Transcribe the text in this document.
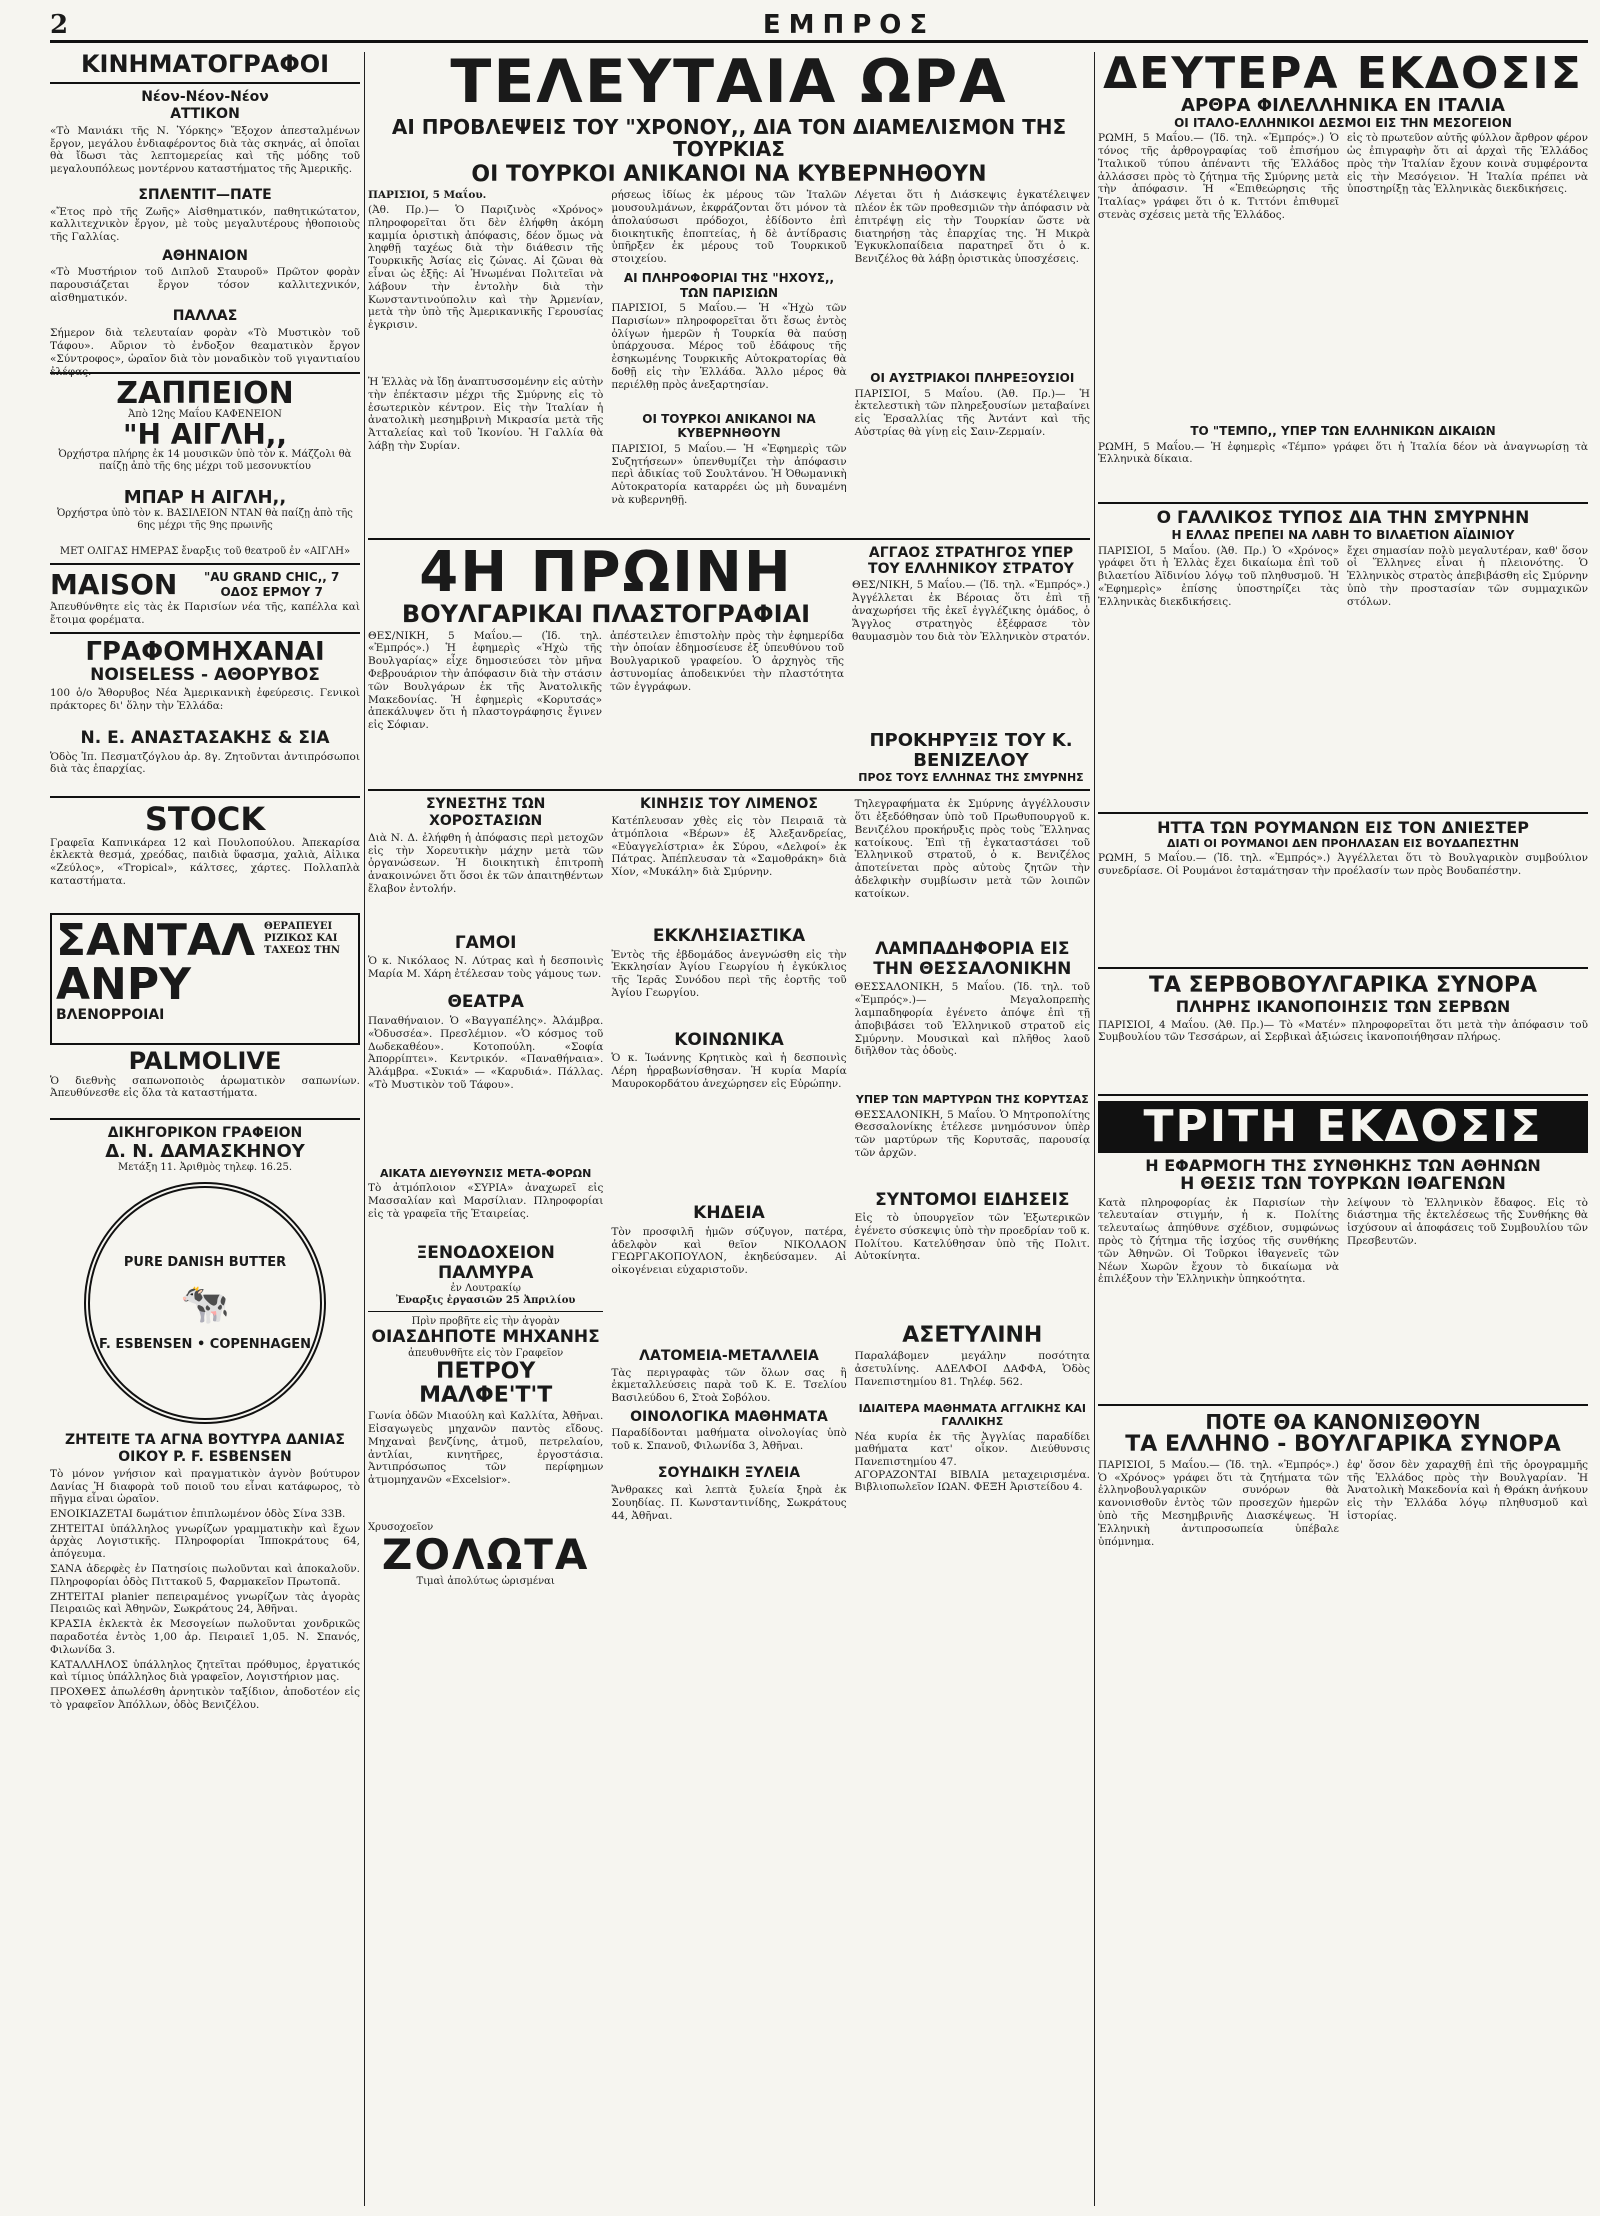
2	ΕΜΠΡΟΣ
ΚΙΝΗΜΑΤΟΓΡΑΦΟΙ
Νέον-Νέον-Νέον
ΑΤΤΙΚΟΝ
«Τὸ Μανιάκι τῆς Ν. Ὑόρκης» Ἔξοχον ἀπεσταλμένων ἔργον, μεγάλου ἐνδιαφέροντος διὰ τὰς σκηνάς, αἱ ὁποῖαι θὰ ἴδωσι τὰς λεπτομερείας καὶ τῆς μόδης τοῦ μεγαλουπόλεως μοντέρνου καταστήματος τῆς Ἀμερικῆς.
ΣΠΛΕΝΤΙΤ—ΠΑΤΕ
«Ἔτος πρὸ τῆς Ζωῆς» Αἰσθηματικόν, παθητικώτατον, καλλιτεχνικὸν ἔργον, μὲ τοὺς μεγαλυτέρους ἠθοποιοὺς τῆς Γαλλίας.
ΑΘΗΝΑΙΟΝ
«Τὸ Μυστήριον τοῦ Διπλοῦ Σταυροῦ» Πρῶτον φορὰν παρουσιάζεται ἔργον τόσον καλλιτεχνικόν, αἰσθηματικόν.
ΠΑΛΛΑΣ
Σήμερον διὰ τελευταίαν φορὰν «Τὸ Μυστικὸν τοῦ Τάφου». Αὔριον τὸ ἐνδοξον θεαματικὸν ἔργον «Σύντροφος», ὡραῖον διὰ τὸν μοναδικὸν τοῦ γιγαντιαίου ἐλέφας.
ΖΑΠΠΕΙΟΝ
Ἀπὸ 12ης Μαΐου ΚΑΦΕΝΕΙΟΝ
"Η ΑΙΓΛΗ,,
Ὀρχήστρα πλήρης ἐκ 14 μουσικῶν ὑπὸ τὸν κ. Μάζζολι θὰ παίζῃ ἀπὸ τῆς 6ης μέχρι τοῦ μεσονυκτίου
ΜΠΑΡ Η ΑΙΓΛΗ,,
Ὀρχήστρα ὑπὸ τὸν κ. ΒΑΣΙΛΕΙΟΝ ΝΤΑΝ θὰ παίζῃ ἀπὸ τῆς 6ης μέχρι τῆς 9ης πρωινῆς
ΜΕΤ ΟΛΙΓΑΣ ΗΜΕΡΑΣ ἔναρξις τοῦ θεατροῦ ἐν «ΑΙΓΛΗ»
MAISON	"AU GRAND CHIC,, 7 ΟΔΟΣ ΕΡΜΟΥ 7
Ἀπευθύνθητε εἰς τὰς ἐκ Παρισίων νέα τῆς, καπέλλα καὶ ἔτοιμα φορέματα.
ΓΡΑΦΟΜΗΧΑΝΑΙ
NOISELESS - ΑΘΟΡΥΒΟΣ
100 ὁ/ο Ἄθορυβος Νέα Ἀμερικανικὴ ἐφεύρεσις. Γενικοὶ πράκτορες δι' ὅλην τὴν Ἑλλάδα:
Ν. Ε. ΑΝΑΣΤΑΣΑΚΗΣ & ΣΙΑ
Ὁδὸς Ἰπ. Πεσματζόγλου ἀρ. 8γ. Ζητοῦνται ἀντιπρόσωποι διὰ τὰς ἐπαρχίας.
STOCK
Γραφεῖα Καπνικάρεα 12 καὶ Πουλοπούλου. Ἀπεκαρίσα ἐκλεκτὰ θεσμά, χρεόδας, παιδιὰ ὕφασμα, χαλιὰ, Αἰλικα «Ζεύλος», «Tropical», κάλτσες, χάρτες. Πολλαπλὰ καταστήματα.
ΣΑΝΤΑΛ ΑΝΡΥ
ΒΛΕΝΟΡΡΟΙΑΙ
ΘΕΡΑΠΕΥΕΙ ΡΙΖΙΚΩΣ ΚΑΙ ΤΑΧΕΩΣ ΤΗΝ
PALMOLIVE
Ὁ διεθνὴς σαπωνοποιὸς ἀρωματικὸν σαπωνίων. Ἀπευθύνεσθε εἰς ὅλα τὰ καταστήματα.
ΔΙΚΗΓΟΡΙΚΟΝ ΓΡΑΦΕΙΟΝ
Δ. Ν. ΔΑΜΑΣΚΗΝΟΥ
Μετάξη 11. Ἀριθμὸς τηλεφ. 16.25.
PURE DANISH BUTTER
🐄
F. ESBENSEN • COPENHAGEN
ΖΗΤΕΙΤΕ ΤΑ ΑΓΝΑ ΒΟΥΤΥΡΑ ΔΑΝΙΑΣ ΟΙΚΟΥ P. F. ESBENSEN
Τὸ μόνον γνήσιον καὶ πραγματικὸν ἀγνὸν βούτυρον Δανίας Ἡ διαφορὰ τοῦ ποιοῦ του εἶναι κατάφωρος, τὸ πῆγμα εἶναι ὡραῖον.
ΕΝΟΙΚΙΑΖΕΤΑΙ δωμάτιον ἐπιπλωμένον ὁδὸς Σίνα 33Β.
ΖΗΤΕΙΤΑΙ ὑπάλληλος γνωρίζων γραμματικὴν καὶ ἔχων ἀρχὰς Λογιστικῆς. Πληροφορίαι Ἱπποκράτους 64, ἀπόγευμα.
ΣΑΝΑ ἀδερφὲς ἐν Πατησίοις πωλοῦνται καὶ ἀποκαλοῦν. Πληροφορίαι ὁδὸς Πιττακοῦ 5, Φαρμακεῖον Πρωτοπᾶ.
ΖΗΤΕΙΤΑΙ planier πεπειραμένος γνωρίζων τὰς ἀγορὰς Πειραιῶς καὶ Ἀθηνῶν, Σωκράτους 24, Ἀθῆναι.
ΚΡΑΣΙΑ ἐκλεκτὰ ἐκ Μεσογείων πωλοῦνται χονδρικῶς παραδοτέα ἐντὸς 1,00 ἀρ. Πειραιεῖ 1,05. Ν. Σπανός, Φιλωνίδα 3.
ΚΑΤΑΛΛΗΛΟΣ ὑπάλληλος ζητεῖται πρόθυμος, ἐργατικός καὶ τίμιος ὑπάλληλος διὰ γραφεῖον, Λογιστήριον μας.
ΠΡΟΧΘΕΣ ἀπωλέσθη ἀρνητικὸν ταξίδιον, ἀποδοτέον εἰς τὸ γραφεῖον Ἀπόλλων, ὁδὸς Βενιζέλου.
ΤΕΛΕΥΤΑΙΑ ΩΡΑ
ΑΙ ΠΡΟΒΛΕΨΕΙΣ ΤΟΥ "ΧΡΟΝΟΥ,, ΔΙΑ ΤΟΝ ΔΙΑΜΕΛΙΣΜΟΝ ΤΗΣ ΤΟΥΡΚΙΑΣ
ΟΙ ΤΟΥΡΚΟΙ ΑΝΙΚΑΝΟΙ ΝΑ ΚΥΒΕΡΝΗΘΟΥΝ
ΠΑΡΙΣΙΟΙ, 5 Μαΐου.
(Ἀθ. Πρ.)— Ὁ Παριζινὸς «Χρόνος» πληροφορεῖται ὅτι δὲν ἐλήφθη ἀκόμη καμμία ὁριστικὴ ἀπόφασις, δέον ὅμως νὰ ληφθῇ ταχέως διὰ τὴν διάθεσιν τῆς Τουρκικῆς Ἀσίας εἰς ζώνας. Αἱ ζῶναι θὰ εἶναι ὡς ἑξῆς: Αἱ Ἡνωμέναι Πολιτεῖαι νὰ λάβουν τὴν ἐντολὴν διὰ τὴν Κωνσταντινούπολιν καὶ τὴν Ἀρμενίαν, μετὰ τὴν ὑπὸ τῆς Ἀμερικανικῆς Γερουσίας ἐγκρισιν.
Ἡ Ἑλλὰς νὰ ἴδῃ ἀναπτυσσομένην εἰς αὐτὴν τὴν ἐπέκτασιν μέχρι τῆς Σμύρνης εἰς τὸ ἐσωτερικὸν κέντρον. Εἰς τὴν Ἰταλίαν ἡ ἀνατολικὴ μεσημβρινὴ Μικρασία μετὰ τῆς Ἀτταλείας καὶ τοῦ Ἰκονίου. Ἡ Γαλλία θὰ λάβῃ τὴν Συρίαν.
ρήσεως ἰδίως ἐκ μέρους τῶν Ἰταλῶν μουσουλμάνων, ἐκφράζονται ὅτι μόνον τὰ ἀπολαύσωσι πρόδοχοι, ἐδίδοντο ἐπὶ διοικητικῆς ἐποπτείας, ἡ δὲ ἀντίδρασις ὑπῆρξεν ἐκ μέρους τοῦ Τουρκικοῦ στοιχείου.
ΑΙ ΠΛΗΡΟΦΟΡΙΑΙ ΤΗΣ "ΗΧΟΥΣ,, ΤΩΝ ΠΑΡΙΣΙΩΝ
ΠΑΡΙΣΙΟΙ, 5 Μαΐου.— Ἡ «Ἠχὼ τῶν Παρισίων» πληροφορεῖται ὅτι ἔσως ἐντὸς ὀλίγων ἡμερῶν ἡ Τουρκία θὰ παύσῃ ὑπάρχουσα. Μέρος τοῦ ἐδάφους τῆς ἐσηκωμένης Τουρκικῆς Αὐτοκρατορίας θὰ δοθῇ εἰς τὴν Ἑλλάδα. Ἄλλο μέρος θὰ περιέλθῃ πρὸς ἀνεξαρτησίαν.
ΟΙ ΤΟΥΡΚΟΙ ΑΝΙΚΑΝΟΙ ΝΑ ΚΥΒΕΡΝΗΘΟΥΝ
ΠΑΡΙΣΙΟΙ, 5 Μαΐου.— Ἡ «Ἐφημερὶς τῶν Συζητήσεων» ὑπενθυμίζει τὴν ἀπόφασιν περὶ ἀδικίας τοῦ Σουλτάνου. Ἡ Ὀθωμανικὴ Αὐτοκρατορία καταρρέει ὡς μὴ δυναμένη νὰ κυβερνηθῇ.
Λέγεται ὅτι ἡ Διάσκεψις ἐγκατέλειψεν πλέον ἐκ τῶν προθεσμιῶν τὴν ἀπόφασιν νὰ ἐπιτρέψῃ εἰς τὴν Τουρκίαν ὥστε νὰ διατηρήσῃ τὰς ἐπαρχίας της. Ἡ Μικρὰ Ἐγκυκλοπαίδεια παρατηρεῖ ὅτι ὁ κ. Βενιζέλος θὰ λάβῃ ὁριστικὰς ὑποσχέσεις.
ΟΙ ΑΥΣΤΡΙΑΚΟΙ ΠΛΗΡΕΞΟΥΣΙΟΙ
ΠΑΡΙΣΙΟΙ, 5 Μαΐου. (Ἀθ. Πρ.)— Ἡ ἐκτελεστικὴ τῶν πληρεξουσίων μεταβαίνει εἰς Ἑρσαλλίας τῆς Ἀντάντ καὶ τῆς Αὐστρίας θὰ γίνῃ εἰς Σαιν-Ζερμαίν.
4Η ΠΡΩΙΝΗ
ΒΟΥΛΓΑΡΙΚΑΙ ΠΛΑΣΤΟΓΡΑΦΙΑΙ
ΘΕΣ/ΝΙΚΗ, 5 Μαΐου.— (Ἰδ. τηλ. «Ἐμπρός».) Ἡ ἐφημερὶς «Ἠχὼ τῆς Βουλγαρίας» εἶχε δημοσιεύσει τὸν μῆνα Φεβρουάριον τὴν ἀπόφασιν διὰ τὴν στάσιν τῶν Βουλγάρων ἐκ τῆς Ἀνατολικῆς Μακεδονίας. Ἡ ἐφημερὶς «Κορυτσάς» ἀπεκάλυψεν ὅτι ἡ πλαστογράφησις ἔγινεν εἰς Σόφιαν.
ἀπέστειλεν ἐπιστολὴν πρὸς τὴν ἐφημερίδα τὴν ὁποίαν ἐδημοσίευσε ἐξ ὑπευθύνου τοῦ Βουλγαρικοῦ γραφείου. Ὁ ἀρχηγὸς τῆς ἀστυνομίας ἀποδεικνύει τὴν πλαστότητα τῶν ἐγγράφων.
ΑΓΓΑΟΣ ΣΤΡΑΤΗΓΟΣ ΥΠΕΡ ΤΟΥ ΕΛΛΗΝΙΚΟΥ ΣΤΡΑΤΟΥ
ΘΕΣ/ΝΙΚΗ, 5 Μαΐου.— (Ἰδ. τηλ. «Ἐμπρός».) Ἀγγέλλεται ἐκ Βέροιας ὅτι ἐπὶ τῇ ἀναχωρήσει τῆς ἐκεῖ ἐγγλέζικης ὁμάδος, ὁ Ἄγγλος στρατηγὸς ἐξέφρασε τὸν θαυμασμὸν του διὰ τὸν Ἑλληνικὸν στρατόν.
ΠΡΟΚΗΡΥΞΙΣ ΤΟΥ Κ. ΒΕΝΙΖΕΛΟΥ
ΠΡΟΣ ΤΟΥΣ ΕΛΛΗΝΑΣ ΤΗΣ ΣΜΥΡΝΗΣ
ΣΥΝΕΣΤΗΣ ΤΩΝ ΧΟΡΟΣΤΑΣΙΩΝ
Διὰ Ν. Δ. ἐλήφθη ἡ ἀπόφασις περὶ μετοχῶν εἰς τὴν Χορευτικὴν μάχην μετὰ τῶν ὀργανώσεων. Ἡ διοικητικὴ ἐπιτροπὴ ἀνακοινώνει ὅτι ὅσοι ἐκ τῶν ἀπαιτηθέντων ἔλαβον ἐντολήν.
ΓΑΜΟΙ
Ὁ κ. Νικόλαος Ν. Λύτρας καὶ ἡ δεσποινὶς Μαρία Μ. Χάρη ἐτέλεσαν τοὺς γάμους των.
ΘΕΑΤΡΑ
Παναθήναιον. Ὁ «Βαγγαπέλης». Ἀλάμβρα. «Ὀδυσσέα». Πρεσλέμιον. «Ὁ κόσμος τοῦ Δωδεκαθέου». Κοτοπούλη. «Σοφία Ἀπορρίπτει». Κεντρικόν. «Παναθήναια». Ἀλάμβρα. «Συκιά» — «Καρυδιά». Πάλλας. «Τὸ Μυστικὸν τοῦ Τάφου».
ΑΙΚΑΤΑ ΔΙΕΥΘΥΝΣΙΣ ΜΕΤΑ-ΦΟΡΩΝ
Τὸ ἀτμόπλοιον «ΣΥΡΙΑ» ἀναχωρεῖ εἰς Μασσαλίαν καὶ Μαρσίλιαν. Πληροφορίαι εἰς τὰ γραφεῖα τῆς Ἑταιρείας.
ΞΕΝΟΔΟΧΕΙΟΝ ΠΑΛΜΥΡΑ
ἐν Λουτρακίῳ
Ἐναρξις ἐργασιῶν 25 Ἀπριλίου
Πρὶν προβῆτε εἰς τὴν ἀγορὰν
ΟΙΑΣΔΗΠΟΤΕ ΜΗΧΑΝΗΣ
ἀπευθυνθῆτε εἰς τὸν Γραφεῖον
ΠΕΤΡΟΥ ΜΑΛΦΕ'Τ'Τ
Γωνία ὁδῶν Μιαούλη καὶ Καλλίτα, Ἀθῆναι. Εἰσαγωγεὺς μηχανῶν παντὸς εἴδους. Μηχαναὶ βενζίνης, ἀτμοῦ, πετρελαίου, ἀντλίαι, κινητῆρες, ἐργοστάσια. Ἀντιπρόσωπος τῶν περίφημων ἀτμομηχανῶν «Excelsior».
Χρυσοχοεῖον
ΖΟΛΩΤΑ
Τιμαὶ ἀπολύτως ὡρισμέναι
ΚΙΝΗΣΙΣ ΤΟΥ ΛΙΜΕΝΟΣ
Κατέπλευσαν χθὲς εἰς τὸν Πειραιᾶ τὰ ἀτμόπλοια «Βέρων» ἐξ Ἀλεξανδρείας, «Εὐαγγελίστρια» ἐκ Σύρου, «Δελφοί» ἐκ Πάτρας. Ἀπέπλευσαν τὰ «Σαμοθράκη» διὰ Χίον, «Μυκάλη» διὰ Σμύρνην.
ΕΚΚΛΗΣΙΑΣΤΙΚΑ
Ἐντὸς τῆς ἑβδομάδος ἀνεγνώσθη εἰς τὴν Ἐκκλησίαν Ἀγίου Γεωργίου ἡ ἐγκύκλιος τῆς Ἱερᾶς Συνόδου περὶ τῆς ἑορτῆς τοῦ Ἁγίου Γεωργίου.
ΚΟΙΝΩΝΙΚΑ
Ὁ κ. Ἰωάννης Κρητικὸς καὶ ἡ δεσποινὶς Λέρη ἠρραβωνίσθησαν. Ἡ κυρία Μαρία Μαυροκορδάτου ἀνεχώρησεν εἰς Εὐρώπην.
ΚΗΔΕΙΑ
Τὸν προσφιλῆ ἡμῶν σύζυγον, πατέρα, ἀδελφὸν καὶ θεῖον ΝΙΚΟΛΑΟΝ ΓΕΩΡΓΑΚΟΠΟΥΛΟΝ, ἐκηδεύσαμεν. Αἱ οἰκογένειαι εὐχαριστοῦν.
ΛΑΤΟΜΕΙΑ-ΜΕΤΑΛΛΕΙΑ
Τὰς περιγραφὰς τῶν ὅλων σας ἢ ἐκμεταλλεύσεις παρὰ τοῦ Κ. Ε. Τσελίου Βασιλεύδου 6, Στοὰ Σοβόλου.
ΟΙΝΟΛΟΓΙΚΑ ΜΑΘΗΜΑΤΑ
Παραδίδονται μαθήματα οἰνολογίας ὑπὸ τοῦ κ. Σπανοῦ, Φιλωνίδα 3, Ἀθῆναι.
ΣΟΥΗΔΙΚΗ ΞΥΛΕΙΑ
Ἄνθρακες καὶ λεπτὰ ξυλεία ξηρὰ ἐκ Σουηδίας. Π. Κωνσταντινίδης, Σωκράτους 44, Ἀθῆναι.
Τηλεγραφήματα ἐκ Σμύρνης ἀγγέλλουσιν ὅτι ἐξεδόθησαν ὑπὸ τοῦ Πρωθυπουργοῦ κ. Βενιζέλου προκήρυξις πρὸς τοὺς Ἕλληνας κατοίκους. Ἐπὶ τῇ ἐγκαταστάσει τοῦ Ἑλληνικοῦ στρατοῦ, ὁ κ. Βενιζέλος ἀποτείνεται πρὸς αὐτοὺς ζητῶν τὴν ἀδελφικὴν συμβίωσιν μετὰ τῶν λοιπῶν κατοίκων.
ΛΑΜΠΑΔΗΦΟΡΙΑ ΕΙΣ ΤΗΝ ΘΕΣΣΑΛΟΝΙΚΗΝ
ΘΕΣΣΑΛΟΝΙΚΗ, 5 Μαΐου. (Ἰδ. τηλ. τοῦ «Ἐμπρός».)— Μεγαλοπρεπὴς λαμπαδηφορία ἐγένετο ἀπόψε ἐπὶ τῇ ἀποβιβάσει τοῦ Ἑλληνικοῦ στρατοῦ εἰς Σμύρνην. Μουσικαὶ καὶ πλῆθος λαοῦ διῆλθον τὰς ὁδοὺς.
ΥΠΕΡ ΤΩΝ ΜΑΡΤΥΡΩΝ ΤΗΣ ΚΟΡΥΤΣΑΣ
ΘΕΣΣΑΛΟΝΙΚΗ, 5 Μαΐου. Ὁ Μητροπολίτης Θεσσαλονίκης ἐτέλεσε μνημόσυνον ὑπὲρ τῶν μαρτύρων τῆς Κορυτσᾶς, παρουσίᾳ τῶν ἀρχῶν.
ΣΥΝΤΟΜΟΙ ΕΙΔΗΣΕΙΣ
Εἰς τὸ ὑπουργεῖον τῶν Ἐξωτερικῶν ἐγένετο σύσκεψις ὑπὸ τὴν προεδρίαν τοῦ κ. Πολίτου. Κατελύθησαν ὑπὸ τῆς Πολιτ. Αὐτοκίνητα.
ΑΣΕΤΥΛΙΝΗ
Παραλάβομεν μεγάλην ποσότητα ἀσετυλίνης. ΑΔΕΛΦΟΙ ΔΑΦΦΑ, Ὁδὸς Πανεπιστημίου 81. Τηλέφ. 562.
ΙΔΙΑΙΤΕΡΑ ΜΑΘΗΜΑΤΑ ΑΓΓΛΙΚΗΣ ΚΑΙ ΓΑΛΛΙΚΗΣ
Νέα κυρία ἐκ τῆς Ἀγγλίας παραδίδει μαθήματα κατ' οἶκον. Διεύθυνσις Πανεπιστημίου 47.
ΑΓΟΡΑΖΟΝΤΑΙ ΒΙΒΛΙΑ μεταχειρισμένα. Βιβλιοπωλεῖον ΙΩΑΝ. ΦΕΞΗ Ἀριστείδου 4.
ΔΕΥΤΕΡΑ ΕΚΔΟΣΙΣ
ΑΡΘΡΑ ΦΙΛΕΛΛΗΝΙΚΑ ΕΝ ΙΤΑΛΙΑ
ΟΙ ΙΤΑΛΟ-ΕΛΛΗΝΙΚΟΙ ΔΕΣΜΟΙ ΕΙΣ ΤΗΝ ΜΕΣΟΓΕΙΟΝ
ΡΩΜΗ, 5 Μαΐου.— (Ἰδ. τηλ. «Ἐμπρός».) Ὁ τόνος τῆς ἀρθρογραφίας τοῦ ἐπισήμου Ἰταλικοῦ τύπου ἀπέναντι τῆς Ἑλλάδος ἀλλάσσει πρὸς τὸ ζήτημα τῆς Σμύρνης μετὰ τὴν ἀπόφασιν. Ἡ «Ἐπιθεώρησις τῆς Ἰταλίας» γράφει ὅτι ὁ κ. Τιττόνι ἐπιθυμεῖ στενὰς σχέσεις μετὰ τῆς Ἑλλάδος.
εἰς τὸ πρωτεῦον αὐτῆς φύλλον ἄρθρον φέρον ὡς ἐπιγραφὴν ὅτι αἱ ἀρχαὶ τῆς Ἑλλάδος πρὸς τὴν Ἰταλίαν ἔχουν κοινὰ συμφέροντα εἰς τὴν Μεσόγειον. Ἡ Ἰταλία πρέπει νὰ ὑποστηρίξῃ τὰς Ἑλληνικὰς διεκδικήσεις.
ΤΟ "ΤΕΜΠΟ,, ΥΠΕΡ ΤΩΝ ΕΛΛΗΝΙΚΩΝ ΔΙΚΑΙΩΝ
ΡΩΜΗ, 5 Μαΐου.— Ἡ ἐφημερὶς «Τέμπο» γράφει ὅτι ἡ Ἰταλία δέον νὰ ἀναγνωρίσῃ τὰ Ἑλληνικὰ δίκαια.
Ο ΓΑΛΛΙΚΟΣ ΤΥΠΟΣ ΔΙΑ ΤΗΝ ΣΜΥΡΝΗΝ
Η ΕΛΛΑΣ ΠΡΕΠΕΙ ΝΑ ΛΑΒΗ ΤΟ ΒΙΛΑΕΤΙΟΝ ΑΪΔΙΝΙΟΥ
ΠΑΡΙΣΙΟΙ, 5 Μαΐου. (Ἀθ. Πρ.) Ὁ «Χρόνος» γράφει ὅτι ἡ Ἑλλὰς ἔχει δικαίωμα ἐπὶ τοῦ βιλαετίου Ἀϊδινίου λόγῳ τοῦ πληθυσμοῦ. Ἡ «Ἐφημερὶς» ἐπίσης ὑποστηρίζει τὰς Ἑλληνικὰς διεκδικήσεις.
ἔχει σημασίαν πολὺ μεγαλυτέραν, καθ' ὅσον οἱ Ἕλληνες εἶναι ἡ πλειονότης. Ὁ Ἑλληνικὸς στρατὸς ἀπεβιβάσθη εἰς Σμύρνην ὑπὸ τὴν προστασίαν τῶν συμμαχικῶν στόλων.
ΗΤΤΑ ΤΩΝ ΡΟΥΜΑΝΩΝ ΕΙΣ ΤΟΝ ΔΝΙΕΣΤΕΡ
ΔΙΑΤΙ ΟΙ ΡΟΥΜΑΝΟΙ ΔΕΝ ΠΡΟΗΛΑΣΑΝ ΕΙΣ ΒΟΥΔΑΠΕΣΤΗΝ
ΡΩΜΗ, 5 Μαΐου.— (Ἰδ. τηλ. «Ἐμπρός».) Ἀγγέλλεται ὅτι τὸ Βουλγαρικὸν συμβούλιον συνεδρίασε. Οἱ Ρουμάνοι ἐσταμάτησαν τὴν προέλασίν των πρὸς Βουδαπέστην.
ΤΑ ΣΕΡΒΟΒΟΥΛΓΑΡΙΚΑ ΣΥΝΟΡΑ
ΠΛΗΡΗΣ ΙΚΑΝΟΠΟΙΗΣΙΣ ΤΩΝ ΣΕΡΒΩΝ
ΠΑΡΙΣΙΟΙ, 4 Μαΐου. (Ἀθ. Πρ.)— Τὸ «Ματέν» πληροφορεῖται ὅτι μετὰ τὴν ἀπόφασιν τοῦ Συμβουλίου τῶν Τεσσάρων, αἱ Σερβικαὶ ἀξιώσεις ἱκανοποιήθησαν πλήρως.
ΤΡΙΤΗ ΕΚΔΟΣΙΣ
Η ΕΦΑΡΜΟΓΗ ΤΗΣ ΣΥΝΘΗΚΗΣ ΤΩΝ ΑΘΗΝΩΝ
Η ΘΕΣΙΣ ΤΩΝ ΤΟΥΡΚΩΝ ΙΘΑΓΕΝΩΝ
Κατὰ πληροφορίας ἐκ Παρισίων τὴν τελευταίαν στιγμήν, ἡ κ. Πολίτης τελευταίως ἀπηύθυνε σχέδιον, συμφώνως πρὸς τὸ ζήτημα τῆς ἰσχύος τῆς συνθήκης τῶν Ἀθηνῶν. Οἱ Τοῦρκοι ἰθαγενεῖς τῶν Νέων Χωρῶν ἔχουν τὸ δικαίωμα νὰ ἐπιλέξουν τὴν Ἑλληνικὴν ὑπηκοότητα.
λείψουν τὸ Ἑλληνικὸν ἔδαφος. Εἰς τὸ διάστημα τῆς ἐκτελέσεως τῆς Συνθήκης θὰ ἰσχύσουν αἱ ἀποφάσεις τοῦ Συμβουλίου τῶν Πρεσβευτῶν.
ΠΟΤΕ ΘΑ ΚΑΝΟΝΙΣΘΟΥΝ
ΤΑ ΕΛΛΗΝΟ - ΒΟΥΛΓΑΡΙΚΑ ΣΥΝΟΡΑ
ΠΑΡΙΣΙΟΙ, 5 Μαΐου.— (Ἰδ. τηλ. «Ἐμπρός».) Ὁ «Χρόνος» γράφει ὅτι τὰ ζητήματα τῶν ἐλληνοβουλγαρικῶν συνόρων θὰ κανονισθοῦν ἐντὸς τῶν προσεχῶν ἡμερῶν ὑπὸ τῆς Μεσημβρινῆς Διασκέψεως. Ἡ Ἑλληνικὴ ἀντιπροσωπεία ὑπέβαλε ὑπόμνημα.
ἐφ' ὅσον δὲν χαραχθῇ ἐπὶ τῆς ὁρογραμμῆς τῆς Ἑλλάδος πρὸς τὴν Βουλγαρίαν. Ἡ Ἀνατολικὴ Μακεδονία καὶ ἡ Θράκη ἀνήκουν εἰς τὴν Ἑλλάδα λόγῳ πληθυσμοῦ καὶ ἱστορίας.
